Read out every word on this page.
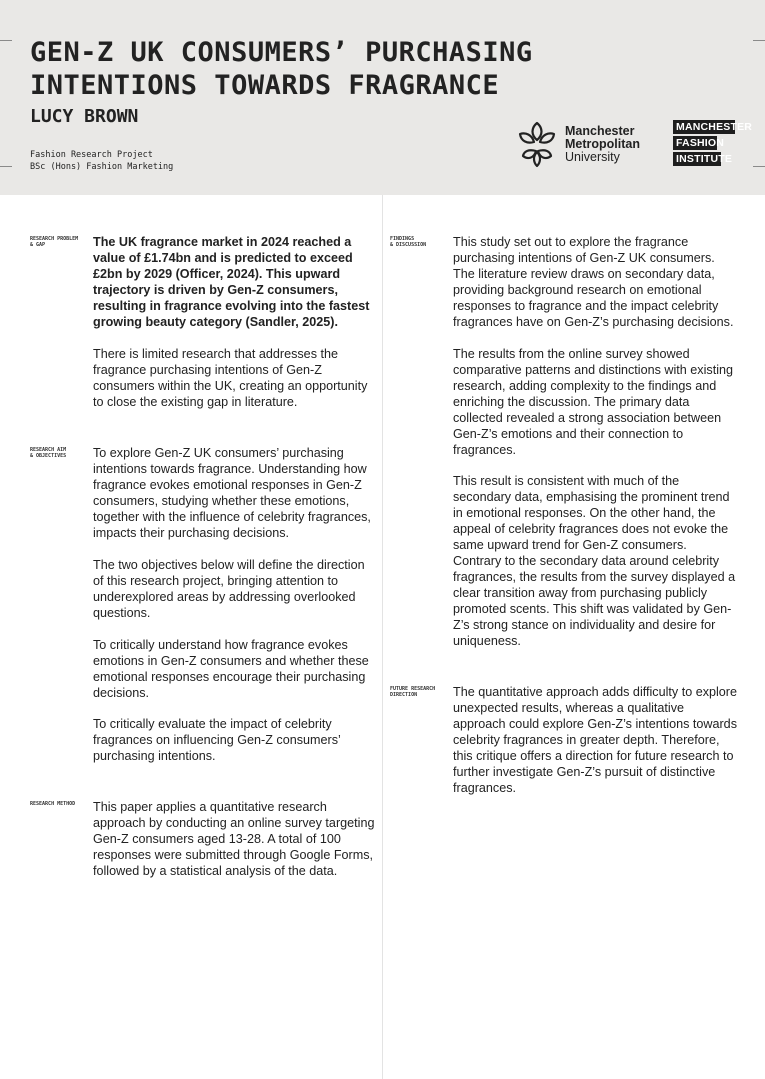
GEN-Z UK CONSUMERS’ PURCHASING
INTENTIONS TOWARDS FRAGRANCE
LUCY BROWN
Fashion Research Project
BSc (Hons) Fashion Marketing
Manchester
Metropolitan
University
MANCHESTER
FASHION
INSTITUTE
RESEARCH PROBLEM
& GAP	The UK fragrance market in 2024 reached a value of £1.74bn and is predicted to exceed £2bn by 2029 (Officer, 2024). This upward trajectory is driven by Gen-Z consumers, resulting in fragrance evolving into the fastest growing beauty category (Sandler, 2025).

There is limited research that addresses the fragrance purchasing intentions of Gen-Z consumers within the UK, creating an opportunity to close the existing gap in literature.

RESEARCH AIM
& OBJECTIVES	To explore Gen-Z UK consumers’ purchasing intentions towards fragrance. Understanding how fragrance evokes emotional responses in Gen-Z consumers, studying whether these emotions, together with the influence of celebrity fragrances, impacts their purchasing decisions.

The two objectives below will define the direction of this research project, bringing attention to underexplored areas by addressing overlooked questions.

To critically understand how fragrance evokes emotions in Gen-Z consumers and whether these emotional responses encourage their purchasing decisions.

To critically evaluate the impact of celebrity fragrances on influencing Gen-Z consumers’ purchasing intentions.

RESEARCH METHOD	This paper applies a quantitative research approach by conducting an online survey targeting Gen-Z consumers aged 13-28. A total of 100 responses were submitted through Google Forms, followed by a statistical analysis of the data.

FINDINGS
& DISCUSSION	This study set out to explore the fragrance purchasing intentions of Gen-Z UK consumers. The literature review draws on secondary data, providing background research on emotional responses to fragrance and the impact celebrity fragrances have on Gen-Z’s purchasing decisions.

The results from the online survey showed comparative patterns and distinctions with existing research, adding complexity to the findings and enriching the discussion. The primary data collected revealed a strong association between Gen-Z’s emotions and their connection to fragrances.

This result is consistent with much of the secondary data, emphasising the prominent trend in emotional responses. On the other hand, the appeal of celebrity fragrances does not evoke the same upward trend for Gen-Z consumers. Contrary to the secondary data around celebrity fragrances, the results from the survey displayed a clear transition away from purchasing publicly promoted scents. This shift was validated by Gen-Z’s strong stance on individuality and desire for uniqueness.

FUTURE RESEARCH
DIRECTION	The quantitative approach adds difficulty to explore unexpected results, whereas a qualitative approach could explore Gen-Z’s intentions towards celebrity fragrances in greater depth. Therefore, this critique offers a direction for future research to further investigate Gen-Z’s pursuit of distinctive fragrances.
